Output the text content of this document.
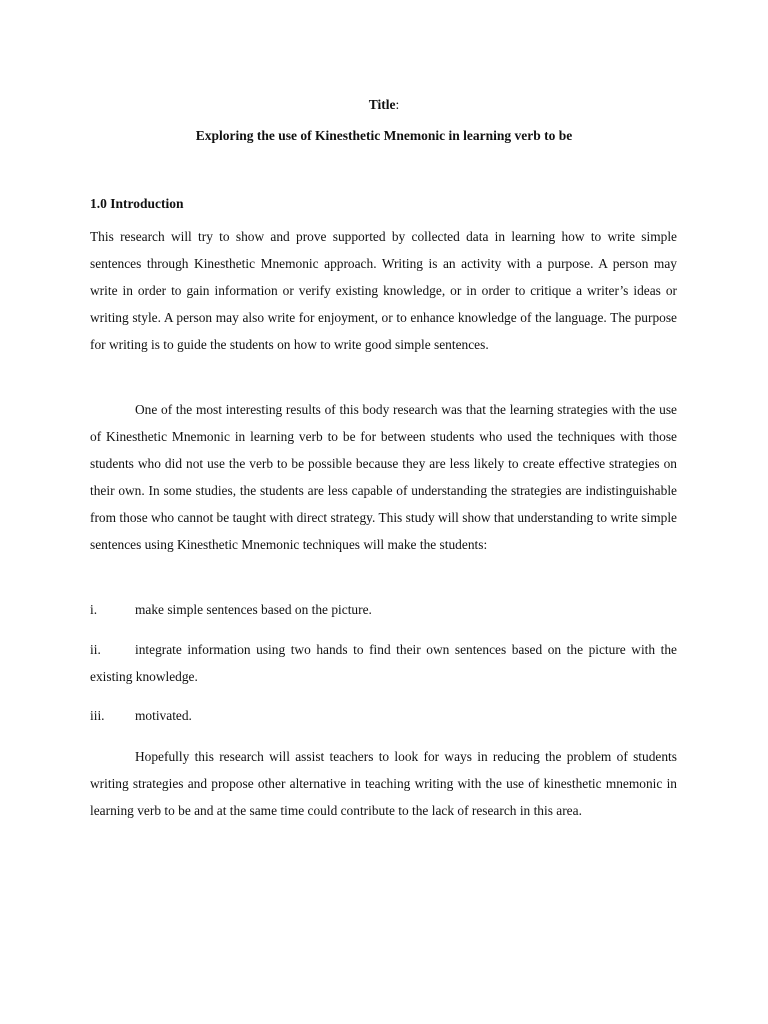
Title:
Exploring the use of Kinesthetic Mnemonic in learning verb to be
1.0 Introduction

This research will try to show and prove supported by collected data in learning how to write simple sentences through Kinesthetic Mnemonic approach. Writing is an activity with a purpose. A person may write in order to gain information or verify existing knowledge, or in order to critique a writer’s ideas or writing style. A person may also write for enjoyment, or to enhance knowledge of the language. The purpose for writing is to guide the students on how to write good simple sentences.

One of the most interesting results of this body research was that the learning strategies with the use of Kinesthetic Mnemonic in learning verb to be for between students who used the techniques with those students who did not use the verb to be possible because they are less likely to create effective strategies on their own. In some studies, the students are less capable of understanding the strategies are indistinguishable from those who cannot be taught with direct strategy. This study will show that understanding to write simple sentences using Kinesthetic Mnemonic techniques will make the students:

i.	make simple sentences based on the picture.
ii.	integrate information using two hands to find their own sentences based on the picture with the existing knowledge.
iii.	motivated.

Hopefully this research will assist teachers to look for ways in reducing the problem of students writing strategies and propose other alternative in teaching writing with the use of kinesthetic mnemonic in learning verb to be and at the same time could contribute to the lack of research in this area.
